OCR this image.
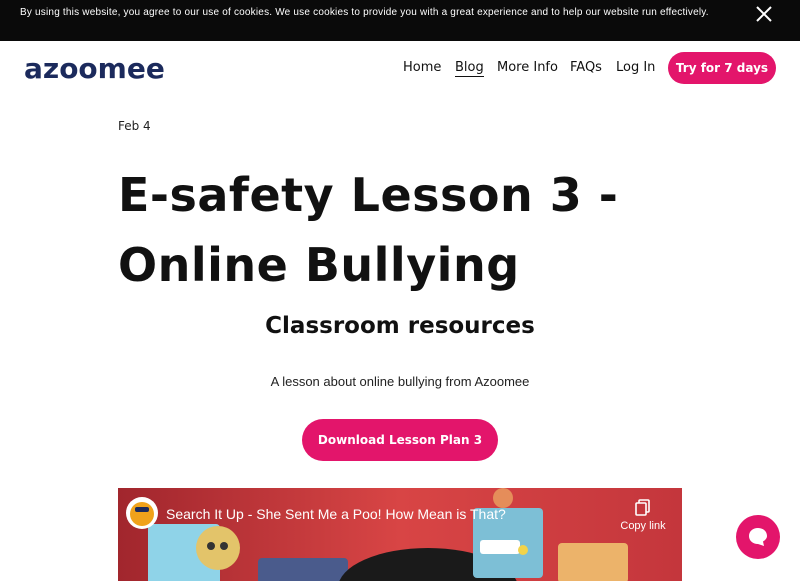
By using this website, you agree to our use of cookies. We use cookies to provide you with a great experience and to help our website run effectively.
azoomee	Home Blog More Info FAQs Log In	Try for 7 days
Feb 4
E-safety Lesson 3 - Online Bullying
Classroom resources

A lesson about online bullying from Azoomee

Download Lesson Plan 3
Search It Up - She Sent Me a Poo! How Mean is That?
Copy link
